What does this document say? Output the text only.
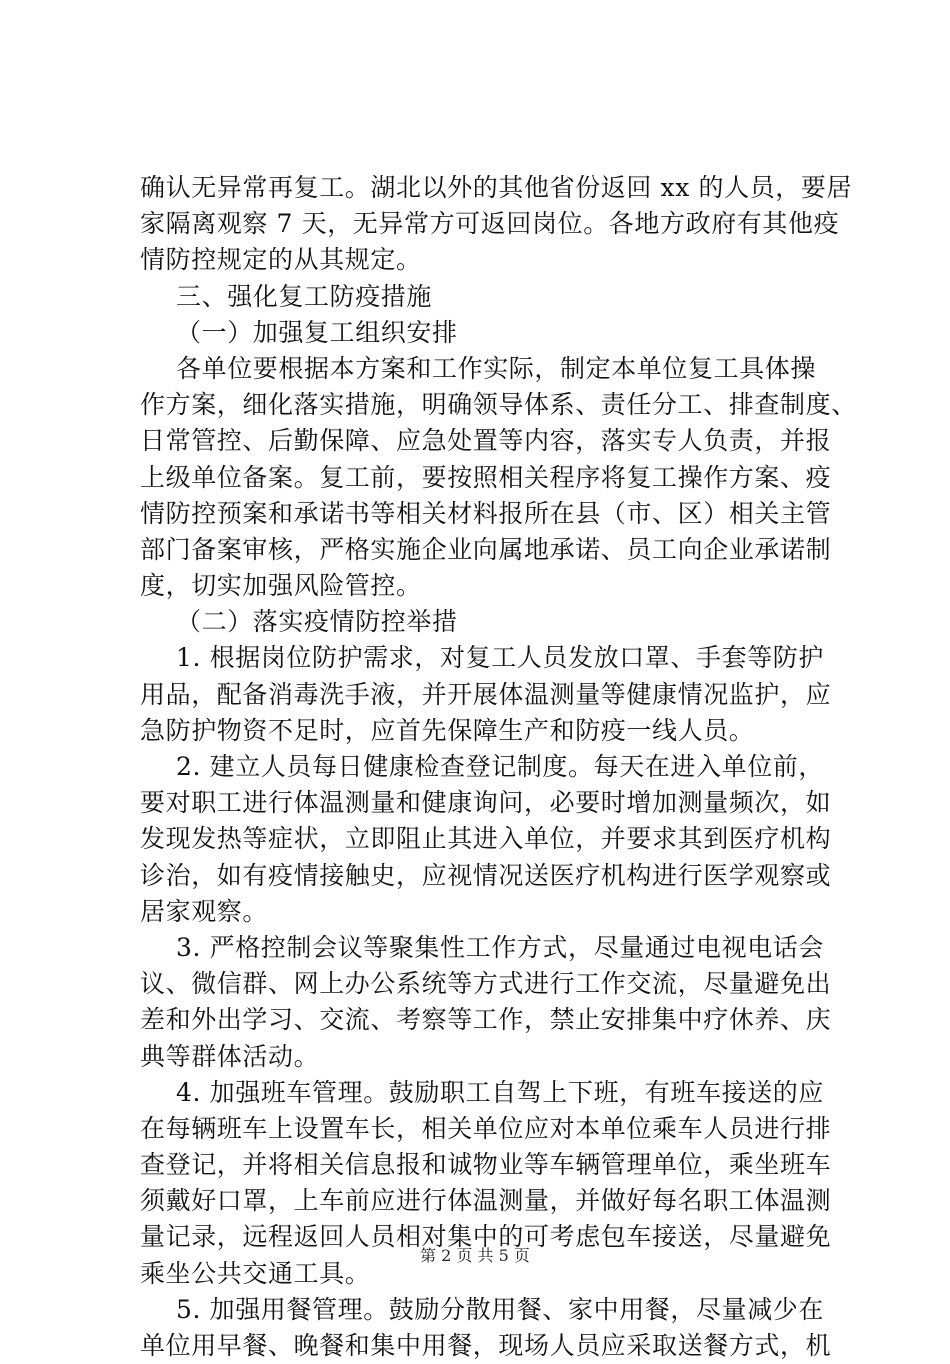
确认无异常再复工。湖北以外的其他省份返回 xx 的人员，要居
家隔离观察 7 天，无异常方可返回岗位。各地方政府有其他疫
情防控规定的从其规定。
三、强化复工防疫措施
（一）加强复工组织安排
各单位要根据本方案和工作实际，制定本单位复工具体操
作方案，细化落实措施，明确领导体系、责任分工、排查制度、
日常管控、后勤保障、应急处置等内容，落实专人负责，并报
上级单位备案。复工前，要按照相关程序将复工操作方案、疫
情防控预案和承诺书等相关材料报所在县（市、区）相关主管
部门备案审核，严格实施企业向属地承诺、员工向企业承诺制
度，切实加强风险管控。
（二）落实疫情防控举措
1. 根据岗位防护需求，对复工人员发放口罩、手套等防护
用品，配备消毒洗手液，并开展体温测量等健康情况监护，应
急防护物资不足时，应首先保障生产和防疫一线人员。
2. 建立人员每日健康检查登记制度。每天在进入单位前，
要对职工进行体温测量和健康询问，必要时增加测量频次，如
发现发热等症状，立即阻止其进入单位，并要求其到医疗机构
诊治，如有疫情接触史，应视情况送医疗机构进行医学观察或
居家观察。
3. 严格控制会议等聚集性工作方式，尽量通过电视电话会
议、微信群、网上办公系统等方式进行工作交流，尽量避免出
差和外出学习、交流、考察等工作，禁止安排集中疗休养、庆
典等群体活动。
4. 加强班车管理。鼓励职工自驾上下班，有班车接送的应
在每辆班车上设置车长，相关单位应对本单位乘车人员进行排
查登记，并将相关信息报和诚物业等车辆管理单位，乘坐班车
须戴好口罩，上车前应进行体温测量，并做好每名职工体温测
量记录，远程返回人员相对集中的可考虑包车接送，尽量避免
乘坐公共交通工具。
5. 加强用餐管理。鼓励分散用餐、家中用餐，尽量减少在
单位用早餐、晚餐和集中用餐，现场人员应采取送餐方式，机
第 2 页 共 5 页
